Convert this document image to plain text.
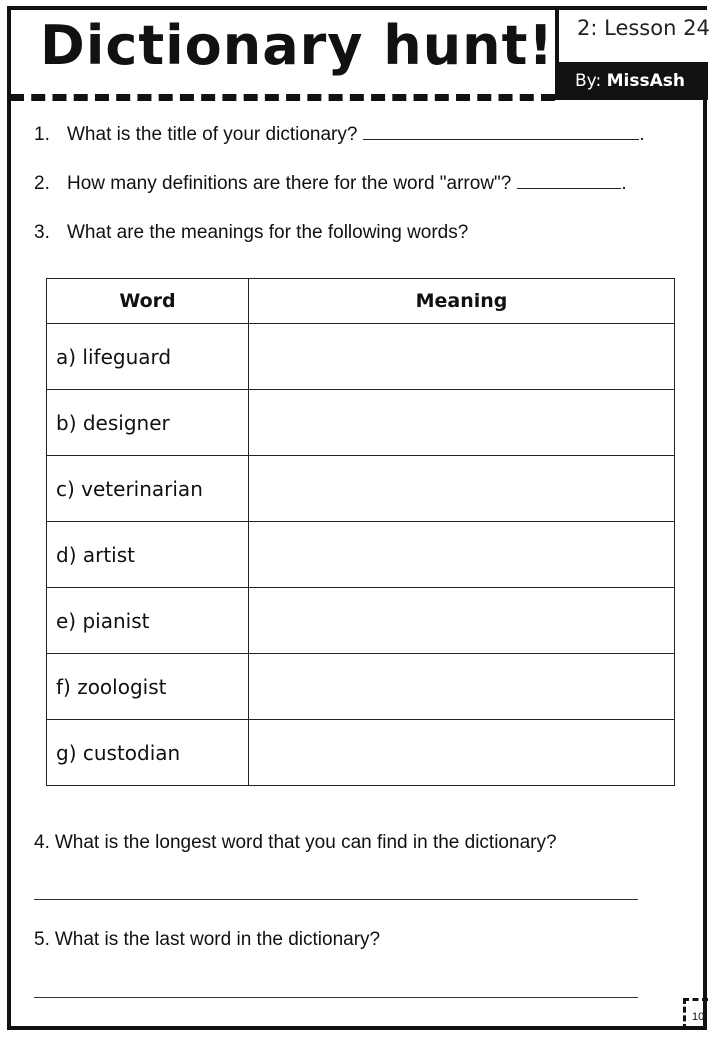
Dictionary hunt! 2: Lesson 24
By: MissAsh
1. What is the title of your dictionary?	.
2. How many definitions are there for the word "arrow"?	.
3. What are the meanings for the following words?
Word	Meaning
a) lifeguard	
b) designer	
c) veterinarian	
d) artist	
e) pianist	
f) zoologist	
g) custodian	
4. What is the longest word that you can find in the dictionary?
5. What is the last word in the dictionary?
10
